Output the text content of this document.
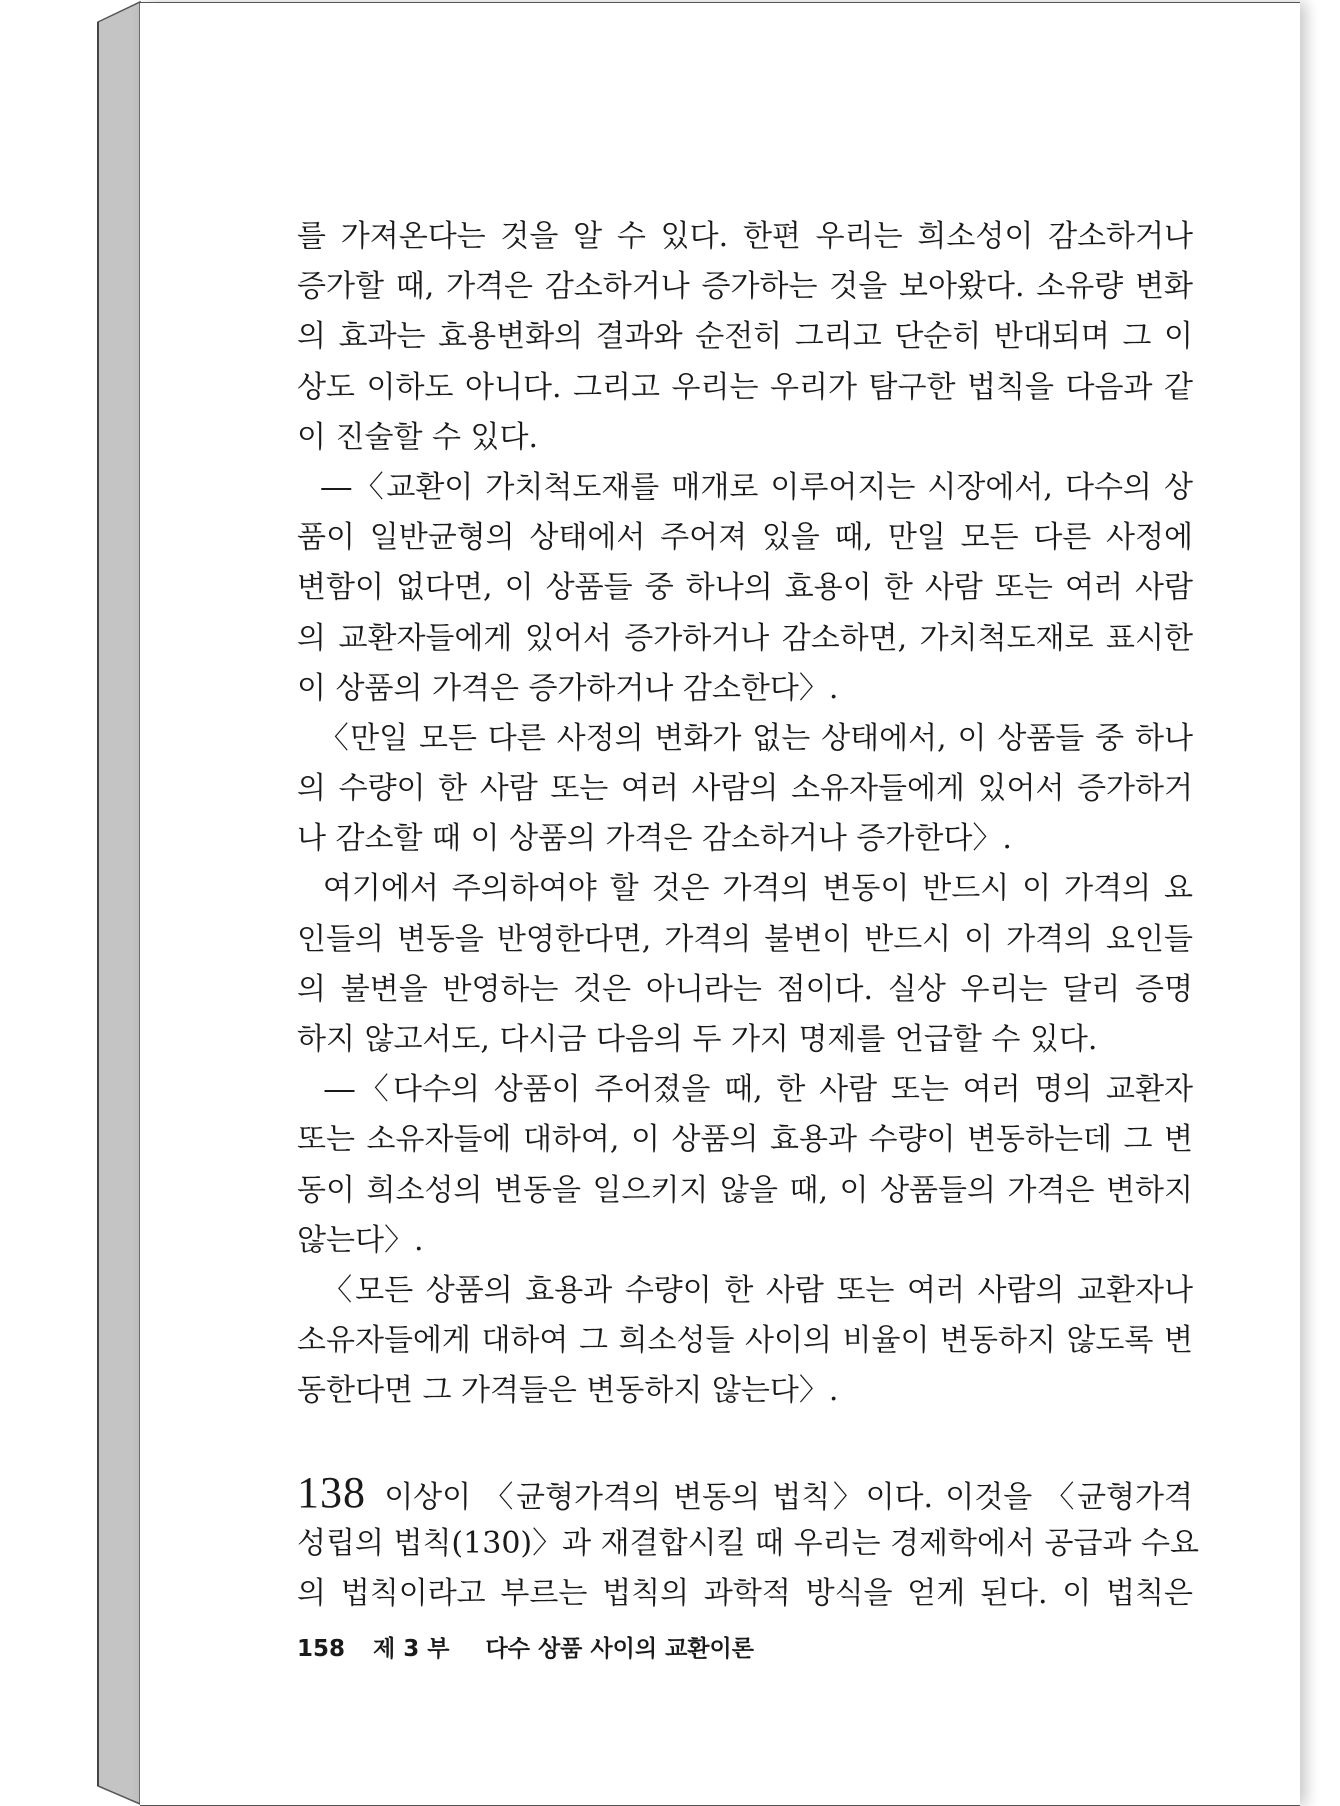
를 가져온다는 것을 알 수 있다. 한편 우리는 희소성이 감소하거나
증가할 때, 가격은 감소하거나 증가하는 것을 보아왔다. 소유량 변화
의 효과는 효용변화의 결과와 순전히 그리고 단순히 반대되며 그 이
상도 이하도 아니다. 그리고 우리는 우리가 탐구한 법칙을 다음과 같
이 진술할 수 있다.
―〈교환이 가치척도재를 매개로 이루어지는 시장에서, 다수의 상
품이 일반균형의 상태에서 주어져 있을 때, 만일 모든 다른 사정에
변함이 없다면, 이 상품들 중 하나의 효용이 한 사람 또는 여러 사람
의 교환자들에게 있어서 증가하거나 감소하면, 가치척도재로 표시한
이 상품의 가격은 증가하거나 감소한다〉.
〈만일 모든 다른 사정의 변화가 없는 상태에서, 이 상품들 중 하나
의 수량이 한 사람 또는 여러 사람의 소유자들에게 있어서 증가하거
나 감소할 때 이 상품의 가격은 감소하거나 증가한다〉.
여기에서 주의하여야 할 것은 가격의 변동이 반드시 이 가격의 요
인들의 변동을 반영한다면, 가격의 불변이 반드시 이 가격의 요인들
의 불변을 반영하는 것은 아니라는 점이다. 실상 우리는 달리 증명
하지 않고서도, 다시금 다음의 두 가지 명제를 언급할 수 있다.
―〈다수의 상품이 주어졌을 때, 한 사람 또는 여러 명의 교환자
또는 소유자들에 대하여, 이 상품의 효용과 수량이 변동하는데 그 변
동이 희소성의 변동을 일으키지 않을 때, 이 상품들의 가격은 변하지
않는다〉.
〈모든 상품의 효용과 수량이 한 사람 또는 여러 사람의 교환자나
소유자들에게 대하여 그 희소성들 사이의 비율이 변동하지 않도록 변
동한다면 그 가격들은 변동하지 않는다〉.
138 이상이 〈균형가격의 변동의 법칙〉이다. 이것을 〈균형가격
성립의 법칙(130)〉과 재결합시킬 때 우리는 경제학에서 공급과 수요
의 법칙이라고 부르는 법칙의 과학적 방식을 얻게 된다. 이 법칙은
158 제 3 부 다수 상품 사이의 교환이론
